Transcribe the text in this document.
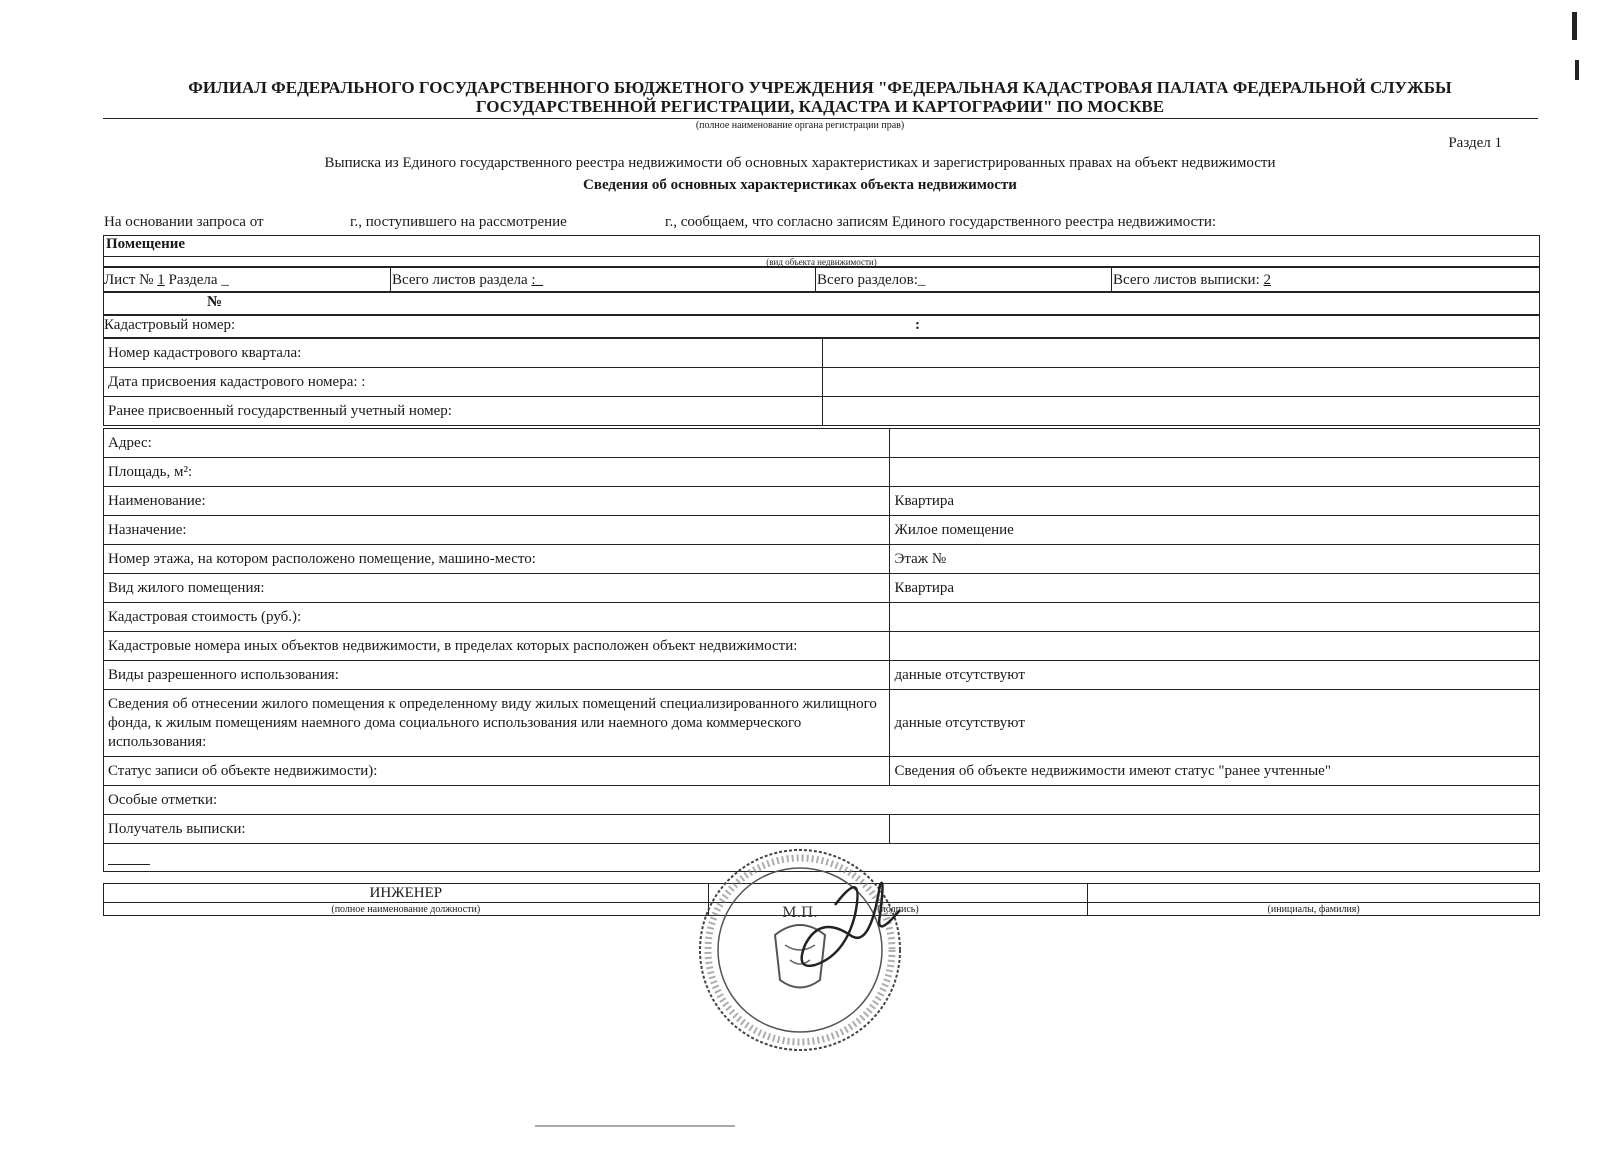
ФИЛИАЛ ФЕДЕРАЛЬНОГО ГОСУДАРСТВЕННОГО БЮДЖЕТНОГО УЧРЕЖДЕНИЯ "ФЕДЕРАЛЬНАЯ КАДАСТРОВАЯ ПАЛАТА ФЕДЕРАЛЬНОЙ СЛУЖБЫ
ГОСУДАРСТВЕННОЙ РЕГИСТРАЦИИ, КАДАСТРА И КАРТОГРАФИИ" ПО МОСКВЕ
(полное наименование органа регистрации прав)
Раздел 1
Выписка из Единого государственного реестра недвижимости об основных характеристиках и зарегистрированных правах на объект недвижимости
Сведения об основных характеристиках объекта недвижимости
На основании запроса от	г., поступившего на рассмотрение	г., сообщаем, что согласно записям Единого государственного реестра недвижимости:
Помещение
(вид объекта недвижимости)
Лист № 1 Раздела _	Всего листов раздела :_	Всего разделов:_	Всего листов выписки: 2
№
Кадастровый номер:	:
Номер кадастрового квартала:	
Дата присвоения кадастрового номера: :	
Ранее присвоенный государственный учетный номер:	
Адрес:	
Площадь, м²:	
Наименование:	Квартира
Назначение:	Жилое помещение
Номер этажа, на котором расположено помещение, машино-место:	Этаж №
Вид жилого помещения:	Квартира
Кадастровая стоимость (руб.):	
Кадастровые номера иных объектов недвижимости, в пределах которых расположен объект недвижимости:	
Виды разрешенного использования:	данные отсутствуют
Сведения об отнесении жилого помещения к определенному виду жилых помещений специализированного жилищного фонда, к жилым помещениям наемного дома социального использования или наемного дома коммерческого использования:	данные отсутствуют
Статус записи об объекте недвижимости):	Сведения об объекте недвижимости имеют статус "ранее учтенные"
Особые отметки:	
Получатель выписки:	

ИНЖЕНЕР		
(полное наименование должности)	(подпись)	(инициалы, фамилия)
М.П.
